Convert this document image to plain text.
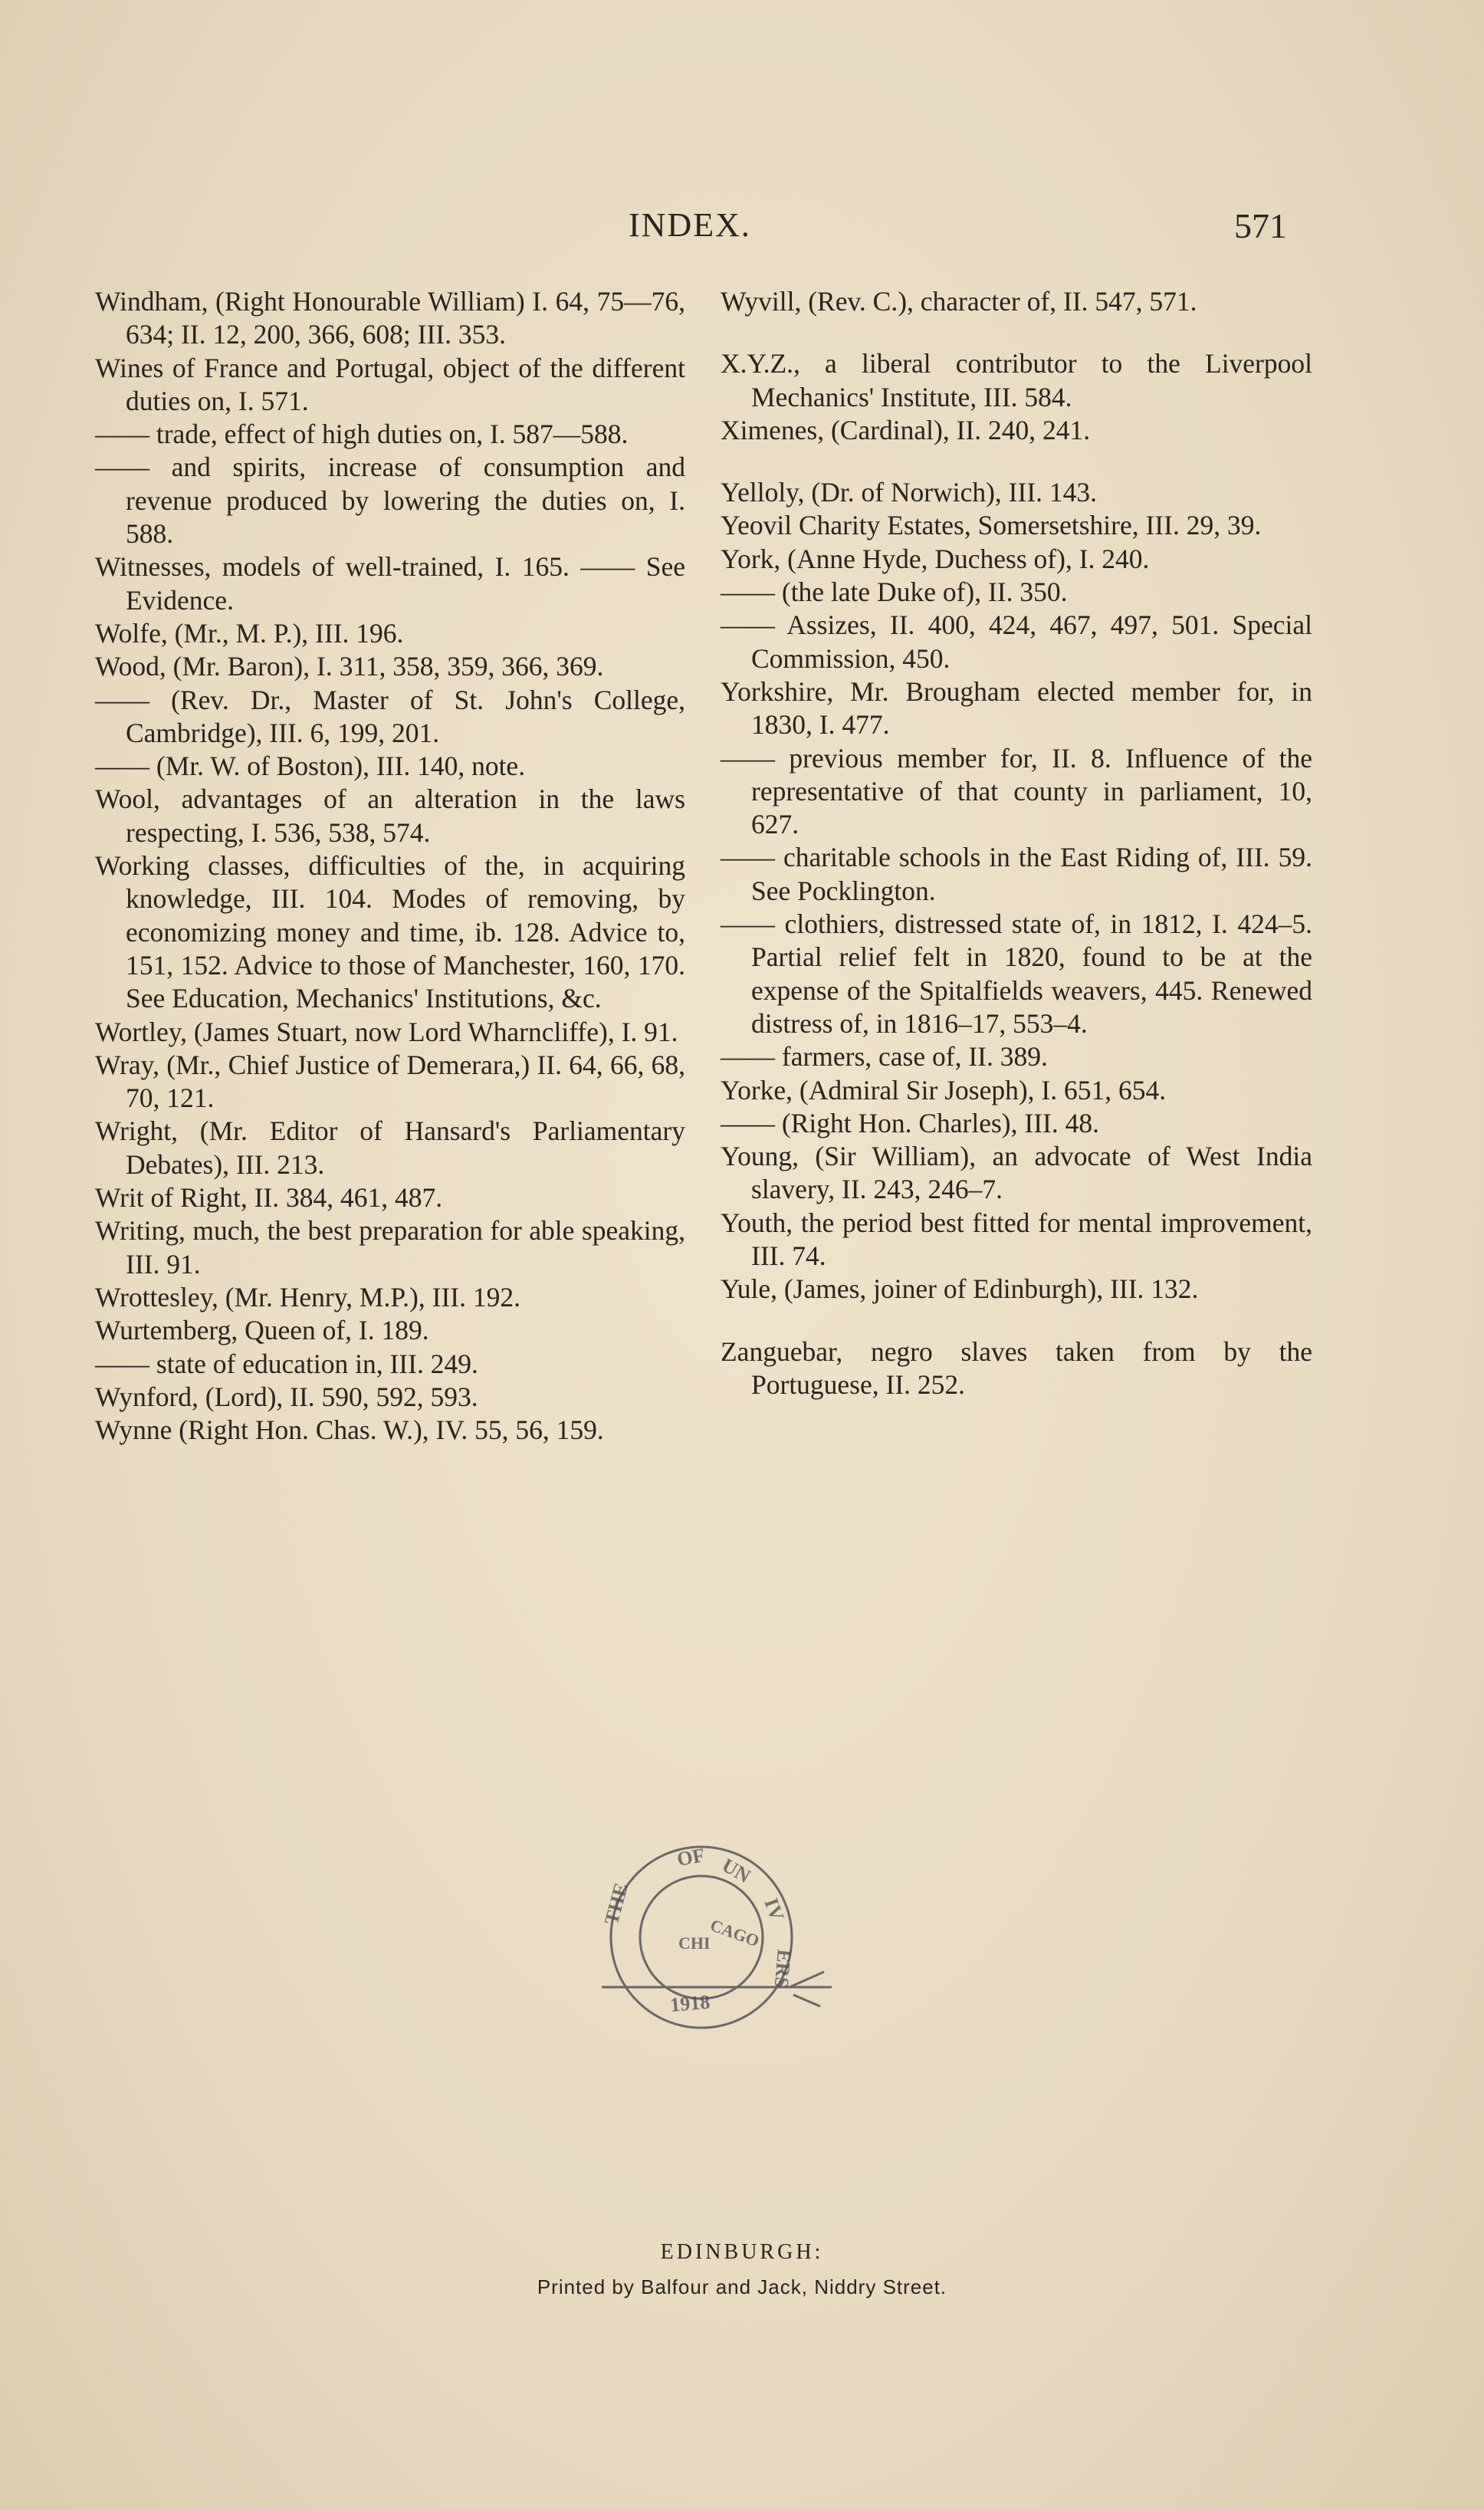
INDEX.	571

Windham, (Right Honourable William) I. 64, 75—76, 634; II. 12, 200, 366, 608; III. 353.

Wines of France and Portugal, object of the different duties on, I. 571.

—— trade, effect of high duties on, I. 587—588.

—— and spirits, increase of consumption and revenue produced by lowering the duties on, I. 588.

Witnesses, models of well-trained, I. 165. —— See Evidence.

Wolfe, (Mr., M. P.), III. 196.

Wood, (Mr. Baron), I. 311, 358, 359, 366, 369.

—— (Rev. Dr., Master of St. John's College, Cambridge), III. 6, 199, 201.

—— (Mr. W. of Boston), III. 140, note.

Wool, advantages of an alteration in the laws respecting, I. 536, 538, 574.

Working classes, difficulties of the, in acquiring knowledge, III. 104. Modes of removing, by economizing money and time, ib. 128. Advice to, 151, 152. Advice to those of Manchester, 160, 170. See Education, Mechanics' Institutions, &c.

Wortley, (James Stuart, now Lord Wharncliffe), I. 91.

Wray, (Mr., Chief Justice of Demerara,) II. 64, 66, 68, 70, 121.

Wright, (Mr. Editor of Hansard's Parliamentary Debates), III. 213.

Writ of Right, II. 384, 461, 487.

Writing, much, the best preparation for able speaking, III. 91.

Wrottesley, (Mr. Henry, M.P.), III. 192.

Wurtemberg, Queen of, I. 189.

—— state of education in, III. 249.

Wynford, (Lord), II. 590, 592, 593.

Wynne (Right Hon. Chas. W.), IV. 55, 56, 159.

Wyvill, (Rev. C.), character of, II. 547, 571.

X.Y.Z., a liberal contributor to the Liverpool Mechanics' Institute, III. 584.

Ximenes, (Cardinal), II. 240, 241.

Yelloly, (Dr. of Norwich), III. 143.

Yeovil Charity Estates, Somersetshire, III. 29, 39.

York, (Anne Hyde, Duchess of), I. 240.

—— (the late Duke of), II. 350.

—— Assizes, II. 400, 424, 467, 497, 501. Special Commission, 450.

Yorkshire, Mr. Brougham elected member for, in 1830, I. 477.

—— previous member for, II. 8. Influence of the representative of that county in parliament, 10, 627.

—— charitable schools in the East Riding of, III. 59. See Pocklington.

—— clothiers, distressed state of, in 1812, I. 424–5. Partial relief felt in 1820, found to be at the expense of the Spitalfields weavers, 445. Renewed distress of, in 1816–17, 553–4.

—— farmers, case of, II. 389.

Yorke, (Admiral Sir Joseph), I. 651, 654.

—— (Right Hon. Charles), III. 48.

Young, (Sir William), an advocate of West India slavery, II. 243, 246–7.

Youth, the period best fitted for mental improvement, III. 74.

Yule, (James, joiner of Edinburgh), III. 132.

Zanguebar, negro slaves taken from by the Portuguese, II. 252.

OF UN
IV
ERS
THE
1918
CHI
CAGO
EDINBURGH:
Printed by Balfour and Jack, Niddry Street.
